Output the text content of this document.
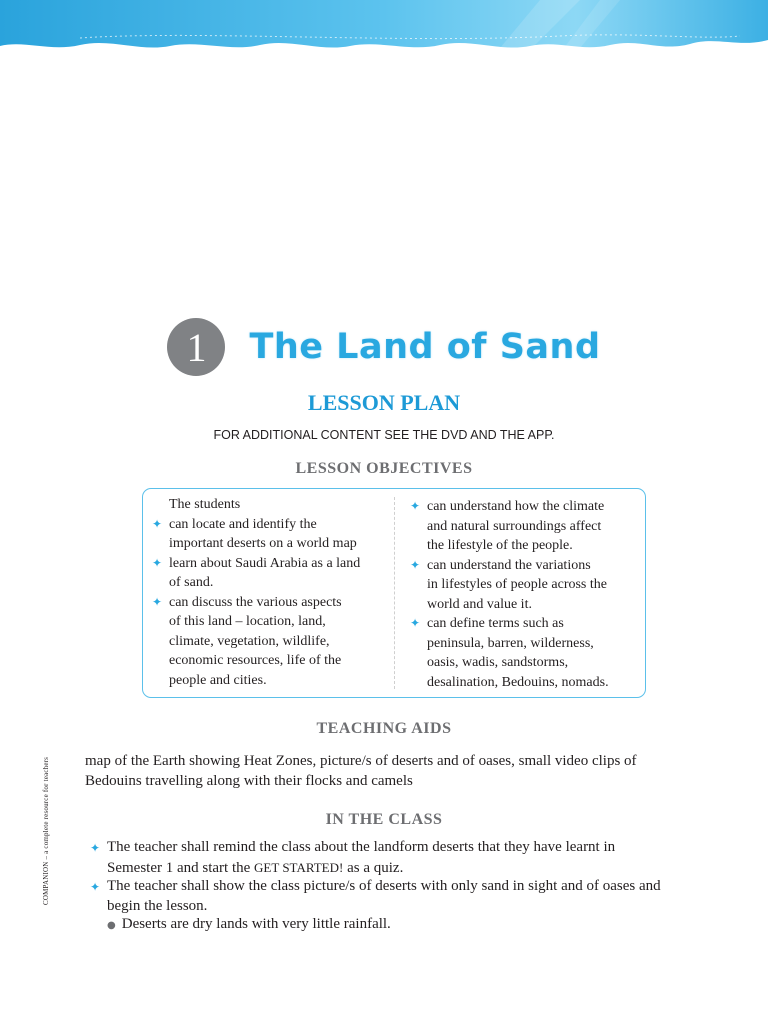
COMPANION – a complete resource for teachers
1	The Land of Sand
LESSON PLAN
FOR ADDITIONAL CONTENT SEE THE DVD AND THE APP.
LESSON OBJECTIVES
The students
✦ can locate and identify the
important deserts on a world map
✦ learn about Saudi Arabia as a land
of sand.
✦ can discuss the various aspects
of this land – location, land,
climate, vegetation, wildlife,
economic resources, life of the
people and cities.
✦ can understand how the climate
and natural surroundings affect
the lifestyle of the people.
✦ can understand the variations
in lifestyles of people across the
world and value it.
✦ can define terms such as
peninsula, barren, wilderness,
oasis, wadis, sandstorms,
desalination, Bedouins, nomads.
TEACHING AIDS
map of the Earth showing Heat Zones, picture/s of deserts and of oases, small video clips of
Bedouins travelling along with their flocks and camels
IN THE CLASS
✦ The teacher shall remind the class about the landform deserts that they have learnt in
Semester 1 and start the GET STARTED! as a quiz.
✦ The teacher shall show the class picture/s of deserts with only sand in sight and of oases and
begin the lesson.
● Deserts are dry lands with very little rainfall.
